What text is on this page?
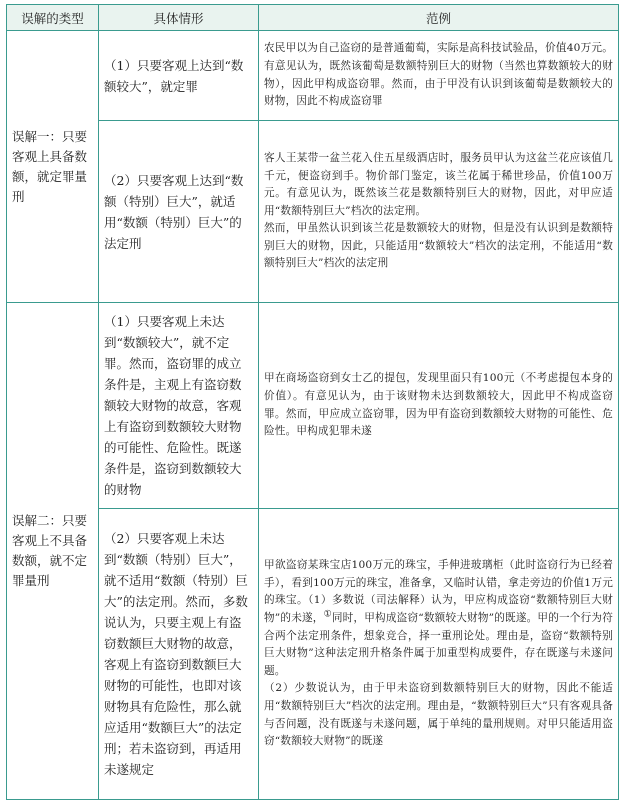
误解的类型	具体情形	范例
误解一：只要客观上具备数额，就定罪量刑	（1）只要客观上达到“数额较大”，就定罪	农民甲以为自己盗窃的是普通葡萄，实际是高科技试验品，价值40万元。有意见认为，既然该葡萄是数额特别巨大的财物（当然也算数额较大的财物），因此甲构成盗窃罪。然而，由于甲没有认识到该葡萄是数额较大的财物，因此不构成盗窃罪

	（2）只要客观上达到“数额（特别）巨大”，就适用“数额（特别）巨大”的法定刑	客人王某带一盆兰花入住五星级酒店时，服务员甲认为这盆兰花应该值几千元，便盗窃到手。物价部门鉴定，该兰花属于稀世珍品，价值100万元。有意见认为，既然该兰花是数额特别巨大的财物，因此，对甲应适用“数额特别巨大”档次的法定刑。

然而，甲虽然认识到该兰花是数额较大的财物，但是没有认识到是数额特别巨大的财物，因此，只能适用“数额较大”档次的法定刑，不能适用“数额特别巨大”档次的法定刑

误解二：只要客观上不具备数额，就不定罪量刑	（1）只要客观上未达到“数额较大”，就不定罪。然而，盗窃罪的成立条件是，主观上有盗窃数额较大财物的故意，客观上有盗窃到数额较大财物的可能性、危险性。既遂条件是，盗窃到数额较大的财物	甲在商场盗窃到女士乙的提包，发现里面只有100元（不考虑提包本身的价值）。有意见认为，由于该财物未达到数额较大，因此甲不构成盗窃罪。然而，甲应成立盗窃罪，因为甲有盗窃到数额较大财物的可能性、危险性。甲构成犯罪未遂

	（2）只要客观上未达到“数额（特别）巨大”，就不适用“数额（特别）巨大”的法定刑。然而，多数说认为，只要主观上有盗窃数额巨大财物的故意，客观上有盗窃到数额巨大财物的可能性，也即对该财物具有危险性，那么就应适用“数额巨大”的法定刑；若未盗窃到，再适用未遂规定	甲欲盗窃某珠宝店100万元的珠宝，手伸进玻璃柜（此时盗窃行为已经着手），看到100万元的珠宝，准备拿，又临时认错，拿走旁边的价值1万元的珠宝。（1）多数说（司法解释）认为，甲应构成盗窃“数额特别巨大财物”的未遂，①同时，甲构成盗窃“数额较大财物”的既遂。甲的一个行为符合两个法定刑条件，想象竞合，择一重刑论处。理由是，盗窃“数额特别巨大财物”这种法定刑升格条件属于加重型构成要件，存在既遂与未遂问题。

（2）少数说认为，由于甲未盗窃到数额特别巨大的财物，因此不能适用“数额特别巨大”档次的法定刑。理由是，“数额特别巨大”只有客观具备与否问题，没有既遂与未遂问题，属于单纯的量刑规则。对甲只能适用盗窃“数额较大财物”的既遂
